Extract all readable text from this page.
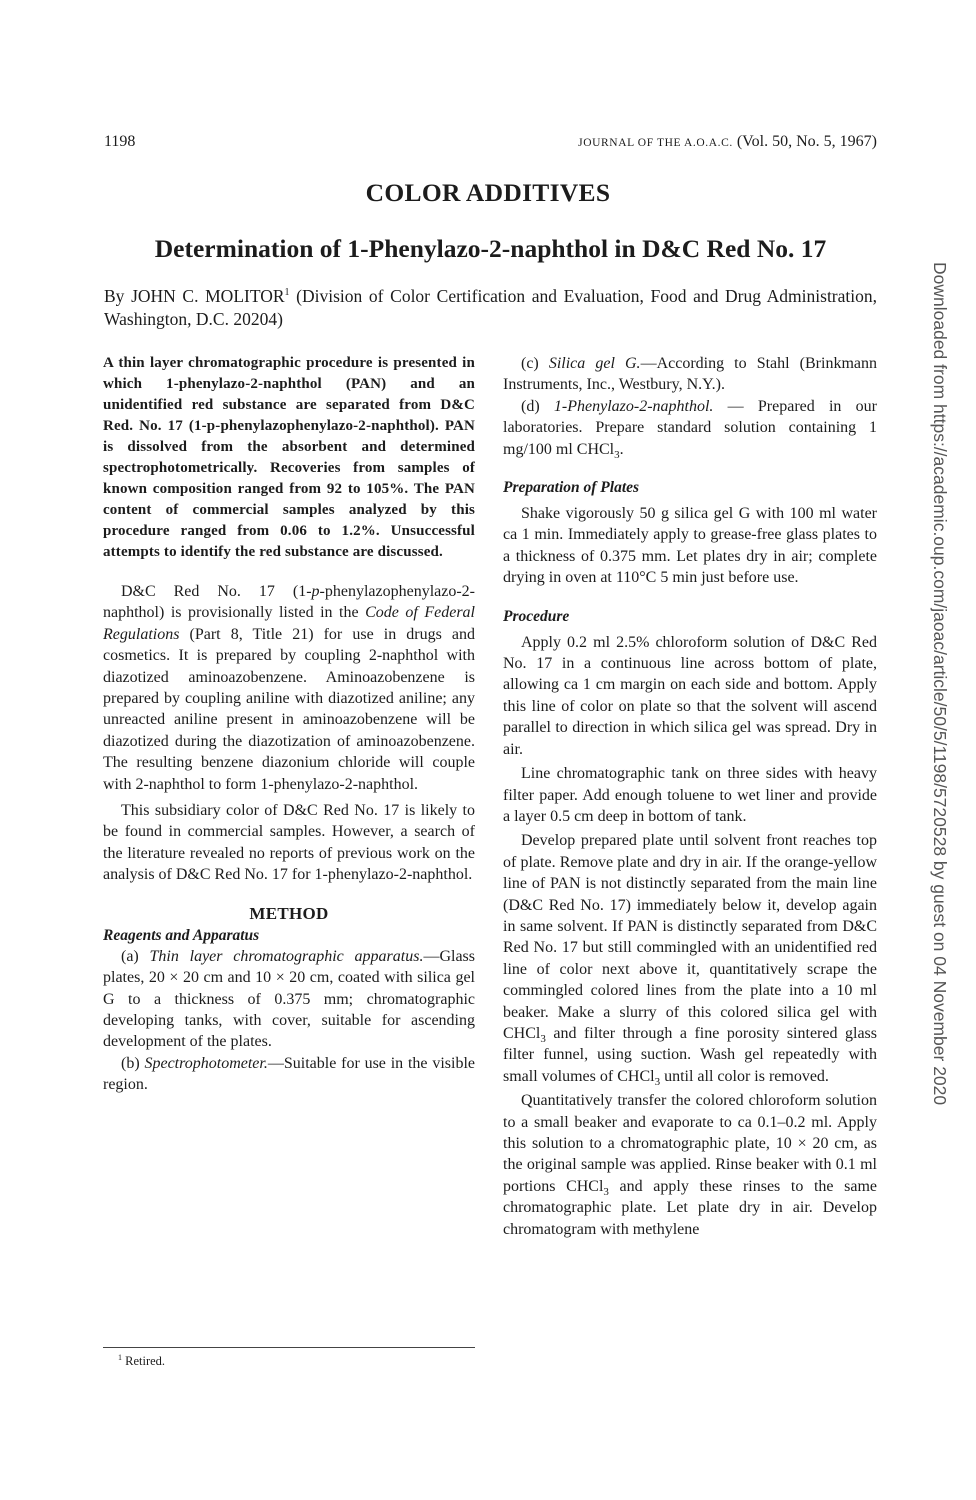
1198	JOURNAL OF THE A.O.A.C. (Vol. 50, No. 5, 1967)
COLOR ADDITIVES
Determination of 1-Phenylazo-2-naphthol in D&C Red No. 17
By JOHN C. MOLITOR$^1$ (Division of Color Certification and Evaluation, Food and Drug Administration, Washington, D.C. 20204)

A thin layer chromatographic procedure is presented in which 1-phenylazo-2-naphthol (PAN) and an unidentified red substance are separated from D&C Red. No. 17 (1-p-phenylazophenylazo-2-naphthol). PAN is dissolved from the absorbent and determined spectrophotometrically. Recoveries from samples of known composition ranged from 92 to 105%. The PAN content of commercial samples analyzed by this procedure ranged from 0.06 to 1.2%. Unsuccessful attempts to identify the red substance are discussed.

D&C Red No. 17 (1-p-phenylazophenylazo-2-naphthol) is provisionally listed in the Code of Federal Regulations (Part 8, Title 21) for use in drugs and cosmetics. It is prepared by coupling 2-naphthol with diazotized aminoazobenzene. Aminoazobenzene is prepared by coupling aniline with diazotized aniline; any unreacted aniline present in aminoazobenzene will be diazotized during the diazotization of aminoazobenzene. The resulting benzene diazonium chloride will couple with 2-naphthol to form 1-phenylazo-2-naphthol.

This subsidiary color of D&C Red No. 17 is likely to be found in commercial samples. However, a search of the literature revealed no reports of previous work on the analysis of D&C Red No. 17 for 1-phenylazo-2-naphthol.

METHOD
Reagents and Apparatus

(a) Thin layer chromatographic apparatus.—Glass plates, 20 × 20 cm and 10 × 20 cm, coated with silica gel G to a thickness of 0.375 mm; chromatographic developing tanks, with cover, suitable for ascending development of the plates.

(b) Spectrophotometer.—Suitable for use in the visible region.

(c) Silica gel G.—According to Stahl (Brinkmann Instruments, Inc., Westbury, N.Y.).

(d) 1-Phenylazo-2-naphthol. — Prepared in our laboratories. Prepare standard solution containing 1 mg/100 ml CHCl$_3$.

Preparation of Plates

Shake vigorously 50 g silica gel G with 100 ml water ca 1 min. Immediately apply to grease-free glass plates to a thickness of 0.375 mm. Let plates dry in air; complete drying in oven at 110°C 5 min just before use.

Procedure

Apply 0.2 ml 2.5% chloroform solution of D&C Red No. 17 in a continuous line across bottom of plate, allowing ca 1 cm margin on each side and bottom. Apply this line of color on plate so that the solvent will ascend parallel to direction in which silica gel was spread. Dry in air.

Line chromatographic tank on three sides with heavy filter paper. Add enough toluene to wet liner and provide a layer 0.5 cm deep in bottom of tank.

Develop prepared plate until solvent front reaches top of plate. Remove plate and dry in air. If the orange-yellow line of PAN is not distinctly separated from the main line (D&C Red No. 17) immediately below it, develop again in same solvent. If PAN is distinctly separated from D&C Red No. 17 but still commingled with an unidentified red line of color next above it, quantitatively scrape the commingled colored lines from the plate into a 10 ml beaker. Make a slurry of this colored silica gel with CHCl$_3$ and filter through a fine porosity sintered glass filter funnel, using suction. Wash gel repeatedly with small volumes of CHCl$_3$ until all color is removed.

Quantitatively transfer the colored chloroform solution to a small beaker and evaporate to ca 0.1–0.2 ml. Apply this solution to a chromatographic plate, 10 × 20 cm, as the original sample was applied. Rinse beaker with 0.1 ml portions CHCl$_3$ and apply these rinses to the same chromatographic plate. Let plate dry in air. Develop chromatogram with methylene

$^1$ Retired.
Downloaded from https://academic.oup.com/jaoac/article/50/5/1198/5720528 by guest on 04 November 2020
